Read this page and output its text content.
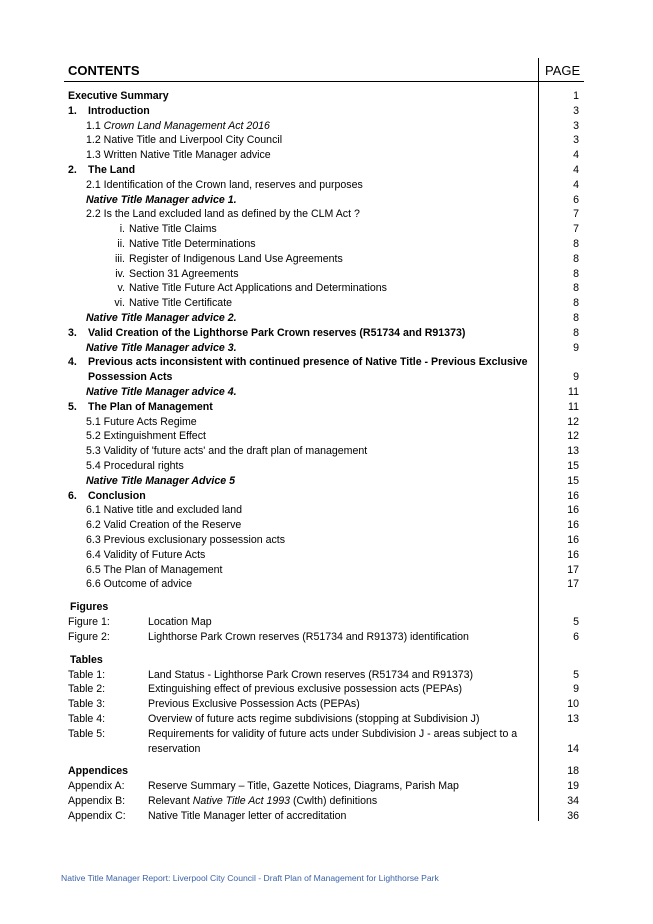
CONTENTS	PAGE
Executive Summary	1
1. Introduction	3
1.1 Crown Land Management Act 2016	3
1.2 Native Title and Liverpool City Council	3
1.3 Written Native Title Manager advice	4
2. The Land	4
2.1 Identification of the Crown land, reserves and purposes	4
Native Title Manager advice 1.	6
2.2 Is the Land excluded land as defined by the CLM Act ?	7
i. Native Title Claims	7
ii. Native Title Determinations	8
iii. Register of Indigenous Land Use Agreements	8
iv. Section 31 Agreements	8
v. Native Title Future Act Applications and Determinations	8
vi. Native Title Certificate	8
Native Title Manager advice 2.	8
3. Valid Creation of the Lighthorse Park Crown reserves (R51734 and R91373)	8
Native Title Manager advice 3.	9
4. Previous acts inconsistent with continued presence of Native Title - Previous Exclusive
Possession Acts	9
Native Title Manager advice 4.	11
5. The Plan of Management	11
5.1 Future Acts Regime	12
5.2 Extinguishment Effect	12
5.3 Validity of 'future acts' and the draft plan of management	13
5.4 Procedural rights	15
Native Title Manager Advice 5	15
6. Conclusion	16
6.1 Native title and excluded land	16
6.2 Valid Creation of the Reserve	16
6.3 Previous exclusionary possession acts	16
6.4 Validity of Future Acts	16
6.5 The Plan of Management	17
6.6 Outcome of advice	17
Figures
Figure 1:	Location Map	5
Figure 2:	Lighthorse Park Crown reserves (R51734 and R91373) identification	6
Tables
Table 1:	Land Status - Lighthorse Park Crown reserves (R51734 and R91373)	5
Table 2:	Extinguishing effect of previous exclusive possession acts (PEPAs)	9
Table 3:	Previous Exclusive Possession Acts (PEPAs)	10
Table 4:	Overview of future acts regime subdivisions (stopping at Subdivision J)	13
Table 5:	Requirements for validity of future acts under Subdivision J - areas subject to a reservation	14
Appendices	18
Appendix A: Reserve Summary – Title, Gazette Notices, Diagrams, Parish Map	19
Appendix B: Relevant Native Title Act 1993 (Cwlth) definitions	34
Appendix C: Native Title Manager letter of accreditation	36
Native Title Manager Report: Liverpool City Council - Draft Plan of Management for Lighthorse Park
